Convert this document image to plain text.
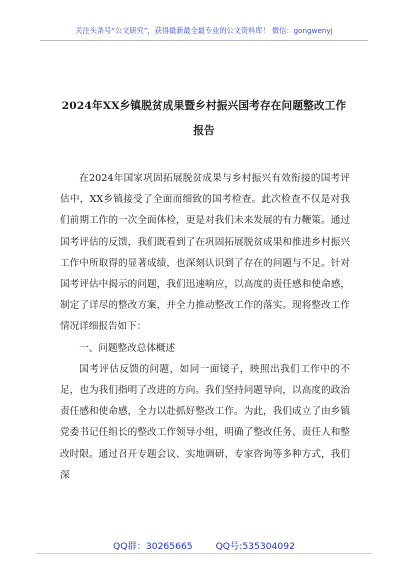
关注头条号“公文研究”，获得最新最全最专业的公文资料库！ 微信：gongwenyj
2024年XX乡镇脱贫成果暨乡村振兴国考存在问题整改工作
报告

在2024年国家巩固拓展脱贫成果与乡村振兴有效衔接的国考评估中，XX乡镇接受了全面而细致的国考检查。此次检查不仅是对我们前期工作的一次全面体检，更是对我们未来发展的有力鞭策。通过国考评估的反馈，我们既看到了在巩固拓展脱贫成果和推进乡村振兴工作中所取得的显著成绩，也深刻认识到了存在的问题与不足。针对国考评估中揭示的问题，我们迅速响应，以高度的责任感和使命感，制定了详尽的整改方案，并全力推动整改工作的落实。现将整改工作情况详细报告如下：

一、问题整改总体概述

国考评估反馈的问题，如同一面镜子，映照出我们工作中的不足，也为我们指明了改进的方向。我们坚持问题导向，以高度的政治责任感和使命感，全力以赴抓好整改工作。为此，我们成立了由乡镇党委书记任组长的整改工作领导小组，明确了整改任务、责任人和整改时限。通过召开专题会议、实地调研、专家咨询等多种方式，我们深

QQ群：30265665 QQ号:535304092
